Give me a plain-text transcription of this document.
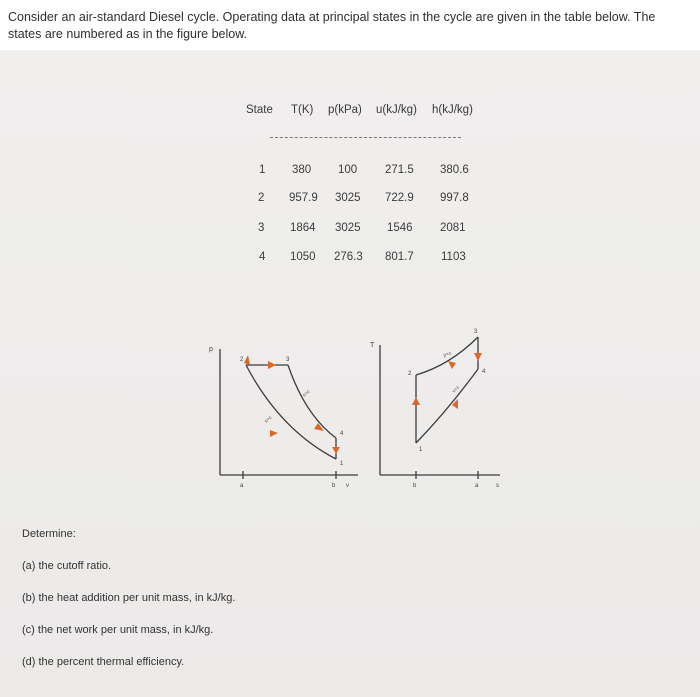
Consider an air-standard Diesel cycle. Operating data at principal states in the cycle are given in the table below. The states are numbered as in the figure below.
State T(K) p(kPa) u(kJ/kg) h(kJ/kg)
1 380 100 271.5 380.6
2 957.9 3025 722.9 997.8
3 1864 3025 1546 2081
4 1050 276.3 801.7 1103
p
a	b v
1
2	3
4
s=c
s=c
T
b	a	s
1
2
3
4
p=c
v=c
Determine:
(a) the cutoff ratio.
(b) the heat addition per unit mass, in kJ/kg.
(c) the net work per unit mass, in kJ/kg.
(d) the percent thermal efficiency.
